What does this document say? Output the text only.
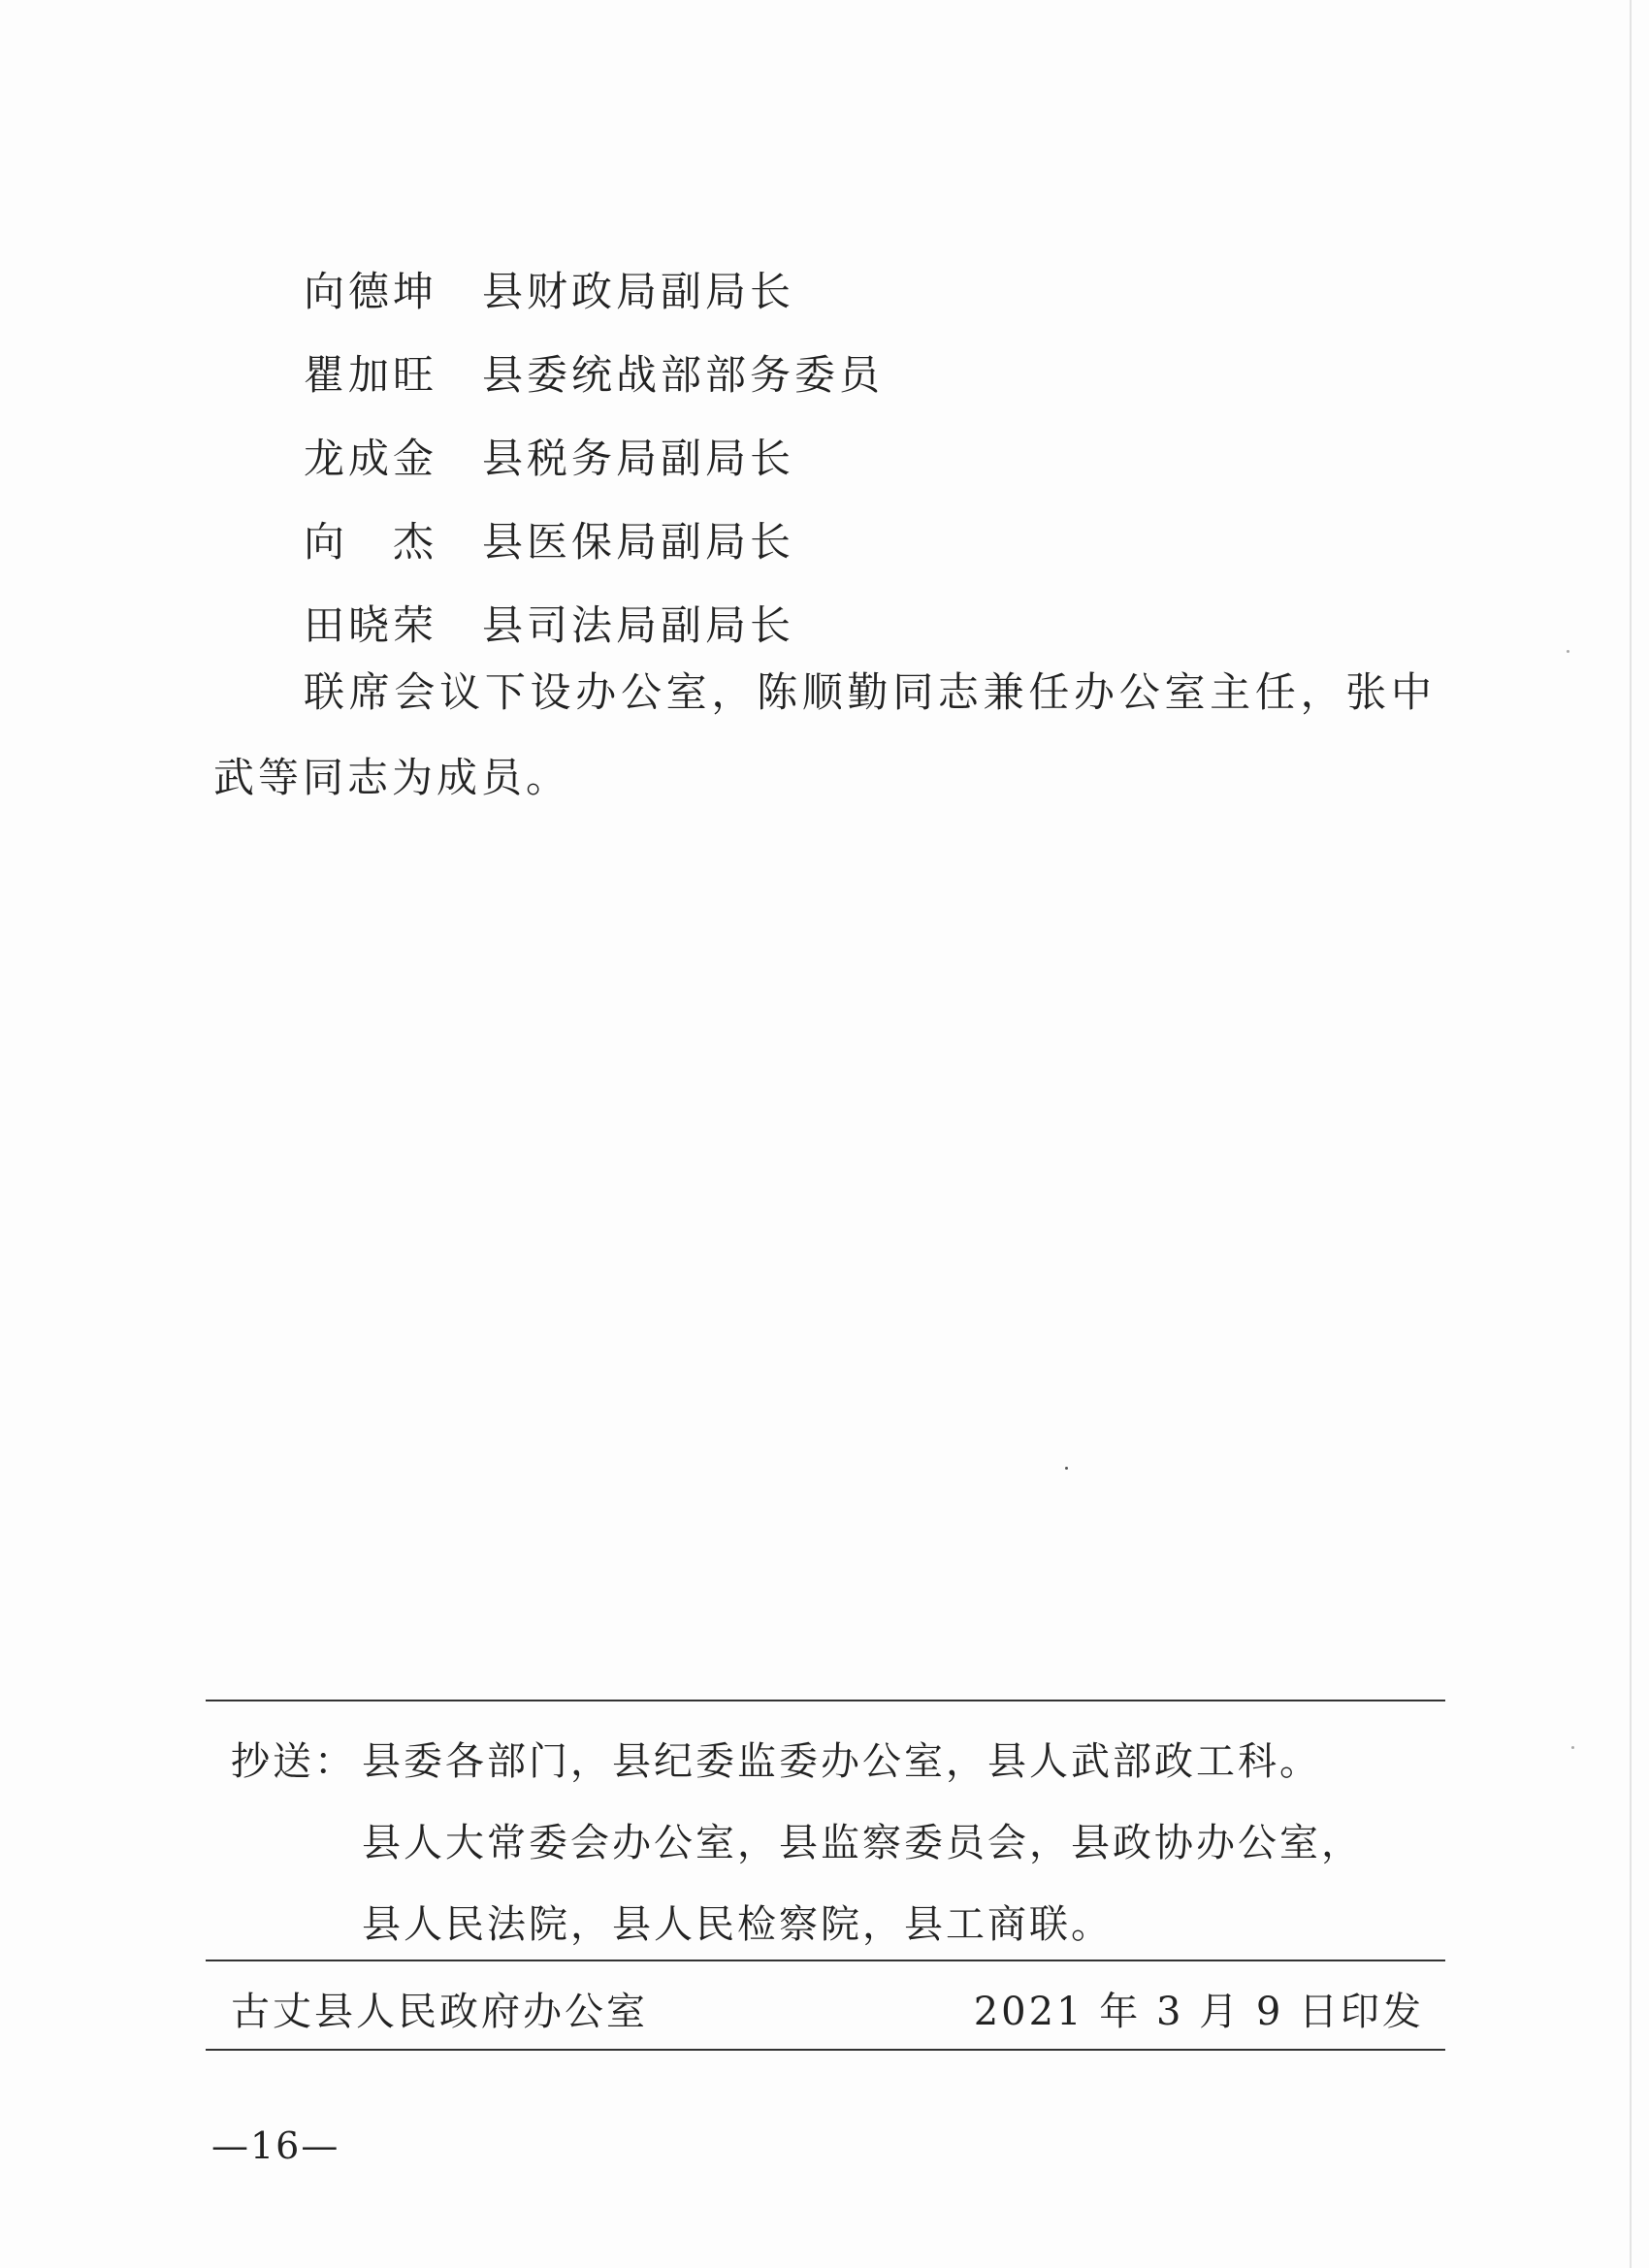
向德坤	县财政局副局长
瞿加旺	县委统战部部务委员
龙成金	县税务局副局长
向杰 县医保局副局长
田晓荣	县司法局副局长
联席会议下设办公室，陈顺勤同志兼任办公室主任，张中武等同志为成员。
抄送： 县委各部门，县纪委监委办公室，县人武部政工科。
县人大常委会办公室，县监察委员会，县政协办公室，
县人民法院，县人民检察院，县工商联。
古丈县人民政府办公室	2021 年 3 月 9 日印发
—16—
